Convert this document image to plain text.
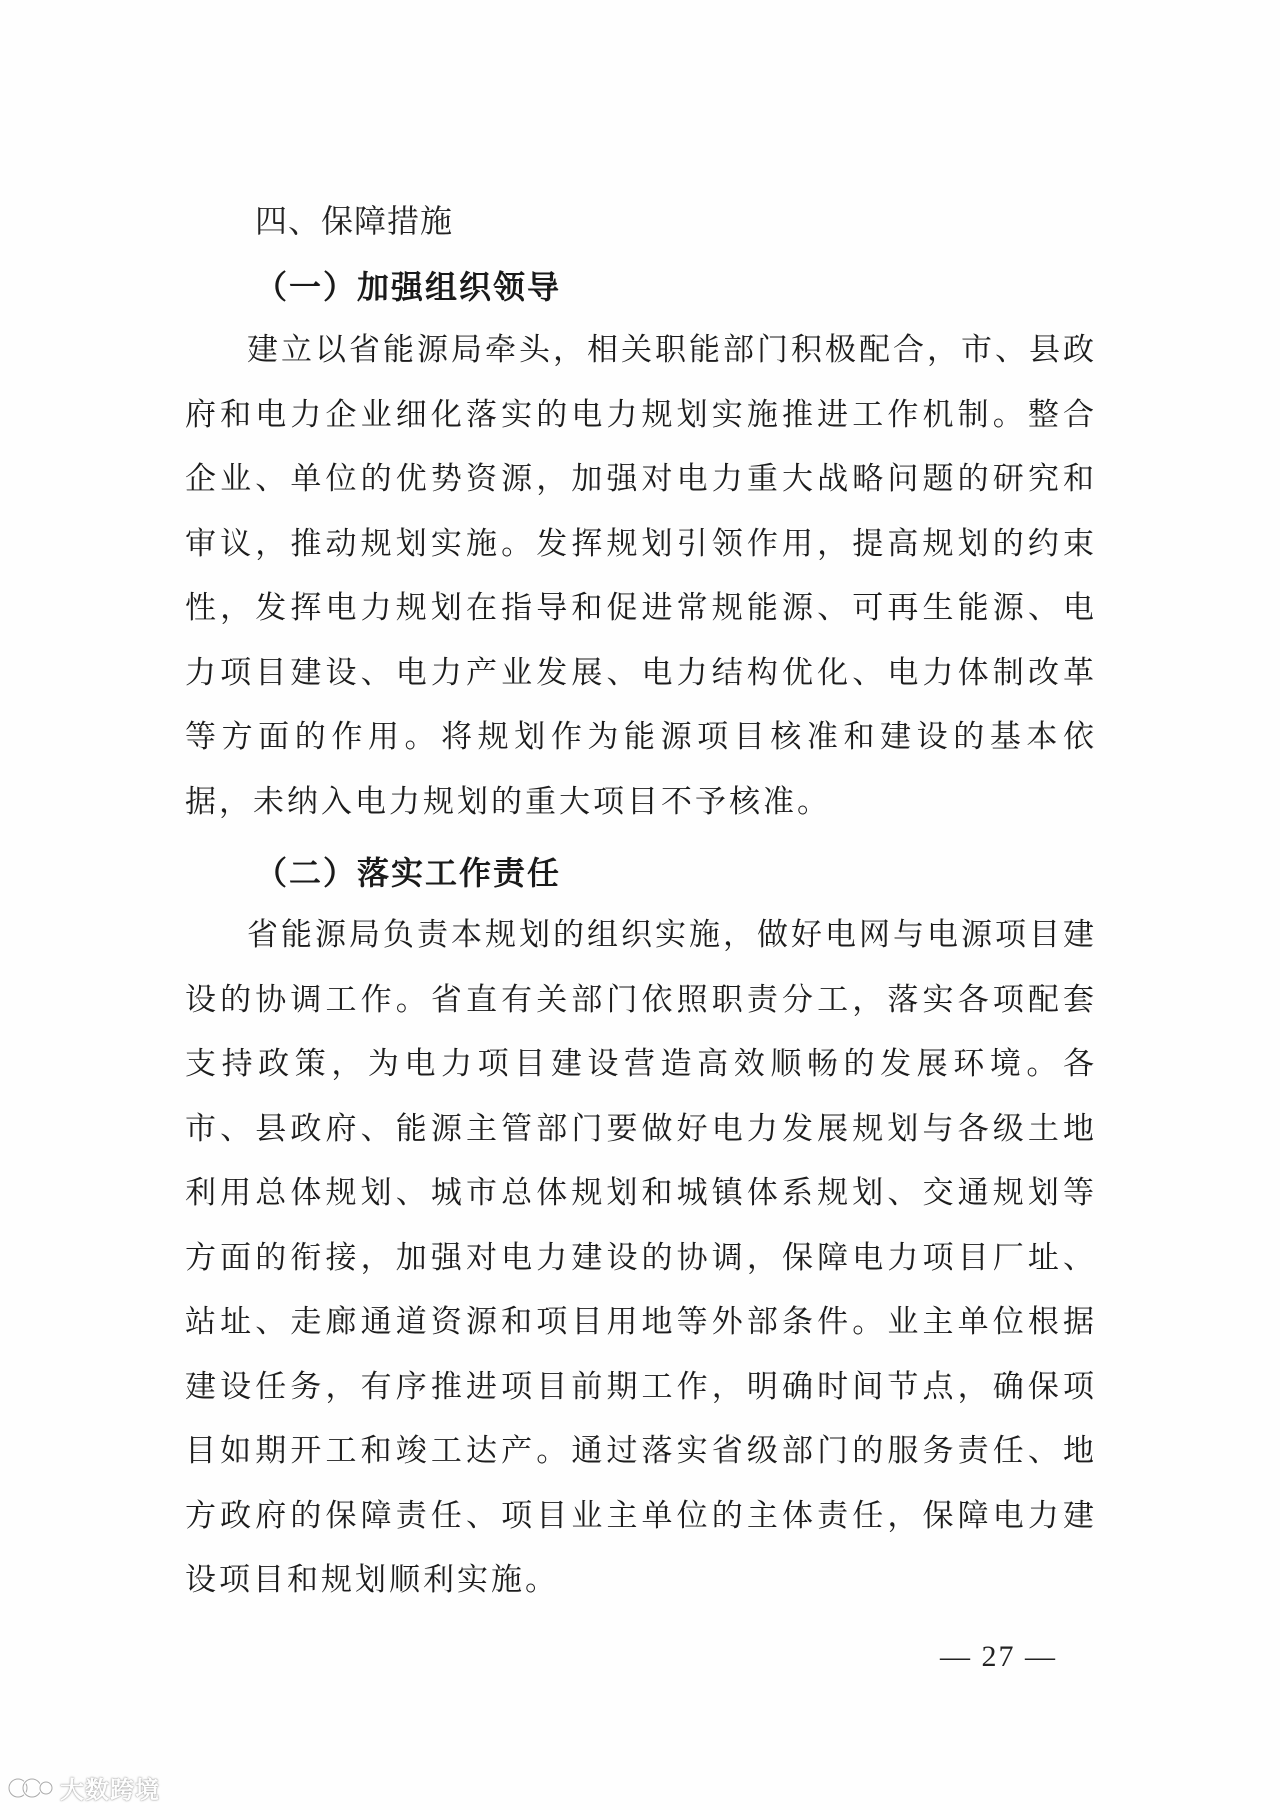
四、保障措施
（一）加强组织领导
建立以省能源局牵头，相关职能部门积极配合，市、县政府和电力企业细化落实的电力规划实施推进工作机制。整合企业、单位的优势资源，加强对电力重大战略问题的研究和审议，推动规划实施。发挥规划引领作用，提高规划的约束性，发挥电力规划在指导和促进常规能源、可再生能源、电力项目建设、电力产业发展、电力结构优化、电力体制改革等方面的作用。将规划作为能源项目核准和建设的基本依据，未纳入电力规划的重大项目不予核准。
（二）落实工作责任
省能源局负责本规划的组织实施，做好电网与电源项目建设的协调工作。省直有关部门依照职责分工，落实各项配套支持政策，为电力项目建设营造高效顺畅的发展环境。各市、县政府、能源主管部门要做好电力发展规划与各级土地利用总体规划、城市总体规划和城镇体系规划、交通规划等方面的衔接，加强对电力建设的协调，保障电力项目厂址、站址、走廊通道资源和项目用地等外部条件。业主单位根据建设任务，有序推进项目前期工作，明确时间节点，确保项目如期开工和竣工达产。通过落实省级部门的服务责任、地方政府的保障责任、项目业主单位的主体责任，保障电力建设项目和规划顺利实施。
— 27 —
大数跨境
